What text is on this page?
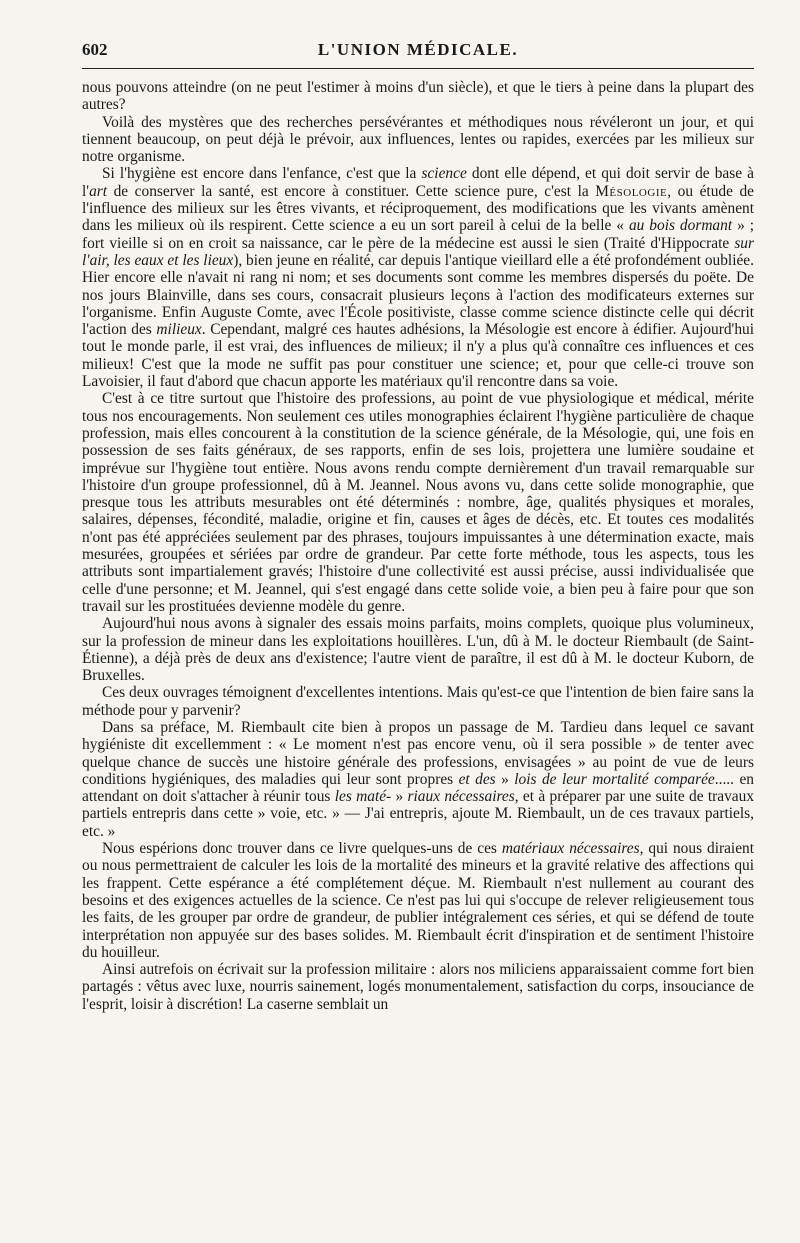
602	L'UNION MÉDICALE.

nous pouvons atteindre (on ne peut l'estimer à moins d'un siècle), et que le tiers à peine dans la plupart des autres?

Voilà des mystères que des recherches persévérantes et méthodiques nous révéleront un jour, et qui tiennent beaucoup, on peut déjà le prévoir, aux influences, lentes ou rapides, exercées par les milieux sur notre organisme.

Si l'hygiène est encore dans l'enfance, c'est que la science dont elle dépend, et qui doit servir de base à l'art de conserver la santé, est encore à constituer. Cette science pure, c'est la Mésologie, ou étude de l'influence des milieux sur les êtres vivants, et réciproquement, des modifications que les vivants amènent dans les milieux où ils respirent. Cette science a eu un sort pareil à celui de la belle « au bois dormant » ; fort vieille si on en croit sa naissance, car le père de la médecine est aussi le sien (Traité d'Hippocrate sur l'air, les eaux et les lieux), bien jeune en réalité, car depuis l'antique vieillard elle a été profondément oubliée. Hier encore elle n'avait ni rang ni nom; et ses documents sont comme les membres dispersés du poëte. De nos jours Blainville, dans ses cours, consacrait plusieurs leçons à l'action des modificateurs externes sur l'organisme. Enfin Auguste Comte, avec l'École positiviste, classe comme science distincte celle qui décrit l'action des milieux. Cependant, malgré ces hautes adhésions, la Mésologie est encore à édifier. Aujourd'hui tout le monde parle, il est vrai, des influences de milieux; il n'y a plus qu'à connaître ces influences et ces milieux! C'est que la mode ne suffit pas pour constituer une science; et, pour que celle-ci trouve son Lavoisier, il faut d'abord que chacun apporte les matériaux qu'il rencontre dans sa voie.

C'est à ce titre surtout que l'histoire des professions, au point de vue physiologique et médical, mérite tous nos encouragements. Non seulement ces utiles monographies éclairent l'hygiène particulière de chaque profession, mais elles concourent à la constitution de la science générale, de la Mésologie, qui, une fois en possession de ses faits généraux, de ses rapports, enfin de ses lois, projettera une lumière soudaine et imprévue sur l'hygiène tout entière. Nous avons rendu compte dernièrement d'un travail remarquable sur l'histoire d'un groupe professionnel, dû à M. Jeannel. Nous avons vu, dans cette solide monographie, que presque tous les attributs mesurables ont été déterminés : nombre, âge, qualités physiques et morales, salaires, dépenses, fécondité, maladie, origine et fin, causes et âges de décès, etc. Et toutes ces modalités n'ont pas été appréciées seulement par des phrases, toujours impuissantes à une détermination exacte, mais mesurées, groupées et sériées par ordre de grandeur. Par cette forte méthode, tous les aspects, tous les attributs sont impartialement gravés; l'histoire d'une collectivité est aussi précise, aussi individualisée que celle d'une personne; et M. Jeannel, qui s'est engagé dans cette solide voie, a bien peu à faire pour que son travail sur les prostituées devienne modèle du genre.

Aujourd'hui nous avons à signaler des essais moins parfaits, moins complets, quoique plus volumineux, sur la profession de mineur dans les exploitations houillères. L'un, dû à M. le docteur Riembault (de Saint-Étienne), a déjà près de deux ans d'existence; l'autre vient de paraître, il est dû à M. le docteur Kuborn, de Bruxelles.

Ces deux ouvrages témoignent d'excellentes intentions. Mais qu'est-ce que l'intention de bien faire sans la méthode pour y parvenir?

Dans sa préface, M. Riembault cite bien à propos un passage de M. Tardieu dans lequel ce savant hygiéniste dit excellemment : « Le moment n'est pas encore venu, où il sera possible » de tenter avec quelque chance de succès une histoire générale des professions, envisagées » au point de vue de leurs conditions hygiéniques, des maladies qui leur sont propres et des » lois de leur mortalité comparée..... en attendant on doit s'attacher à réunir tous les maté- » riaux nécessaires, et à préparer par une suite de travaux partiels entrepris dans cette » voie, etc. » — J'ai entrepris, ajoute M. Riembault, un de ces travaux partiels, etc. »

Nous espérions donc trouver dans ce livre quelques-uns de ces matériaux nécessaires, qui nous diraient ou nous permettraient de calculer les lois de la mortalité des mineurs et la gravité relative des affections qui les frappent. Cette espérance a été complétement déçue. M. Riembault n'est nullement au courant des besoins et des exigences actuelles de la science. Ce n'est pas lui qui s'occupe de relever religieusement tous les faits, de les grouper par ordre de grandeur, de publier intégralement ces séries, et qui se défend de toute interprétation non appuyée sur des bases solides. M. Riembault écrit d'inspiration et de sentiment l'histoire du houilleur.

Ainsi autrefois on écrivait sur la profession militaire : alors nos miliciens apparaissaient comme fort bien partagés : vêtus avec luxe, nourris sainement, logés monumentalement, satisfaction du corps, insouciance de l'esprit, loisir à discrétion! La caserne semblait un
